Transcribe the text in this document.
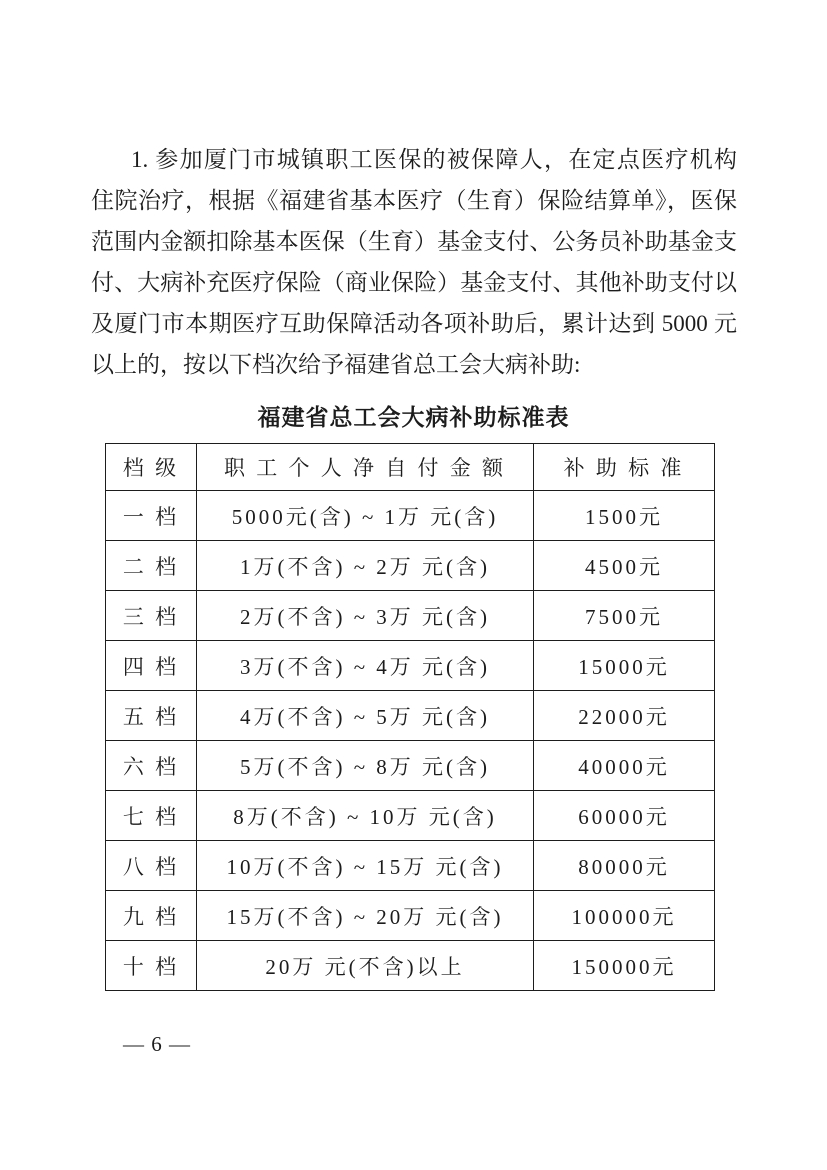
1. 参加厦门市城镇职工医保的被保障人，在定点医疗机构
住院治疗，根据《福建省基本医疗（生育）保险结算单》，医保
范围内金额扣除基本医保（生育）基金支付、公务员补助基金支
付、大病补充医疗保险（商业保险）基金支付、其他补助支付以
及厦门市本期医疗互助保障活动各项补助后，累计达到 5000 元
以上的，按以下档次给予福建省总工会大病补助:
福建省总工会大病补助标准表
档 级	职 工 个 人 净 自 付 金 额	补 助 标 准
一 档	5000元(含) ~ 1万 元(含)	1500元
二 档	1万(不含) ~ 2万 元(含)	4500元
三 档	2万(不含) ~ 3万 元(含)	7500元
四 档	3万(不含) ~ 4万 元(含)	15000元
五 档	4万(不含) ~ 5万 元(含)	22000元
六 档	5万(不含) ~ 8万 元(含)	40000元
七 档	8万(不含) ~ 10万 元(含)	60000元
八 档	10万(不含) ~ 15万 元(含)	80000元
九 档	15万(不含) ~ 20万 元(含)	100000元
十 档	20万 元(不含)以上	150000元
— 6 —
